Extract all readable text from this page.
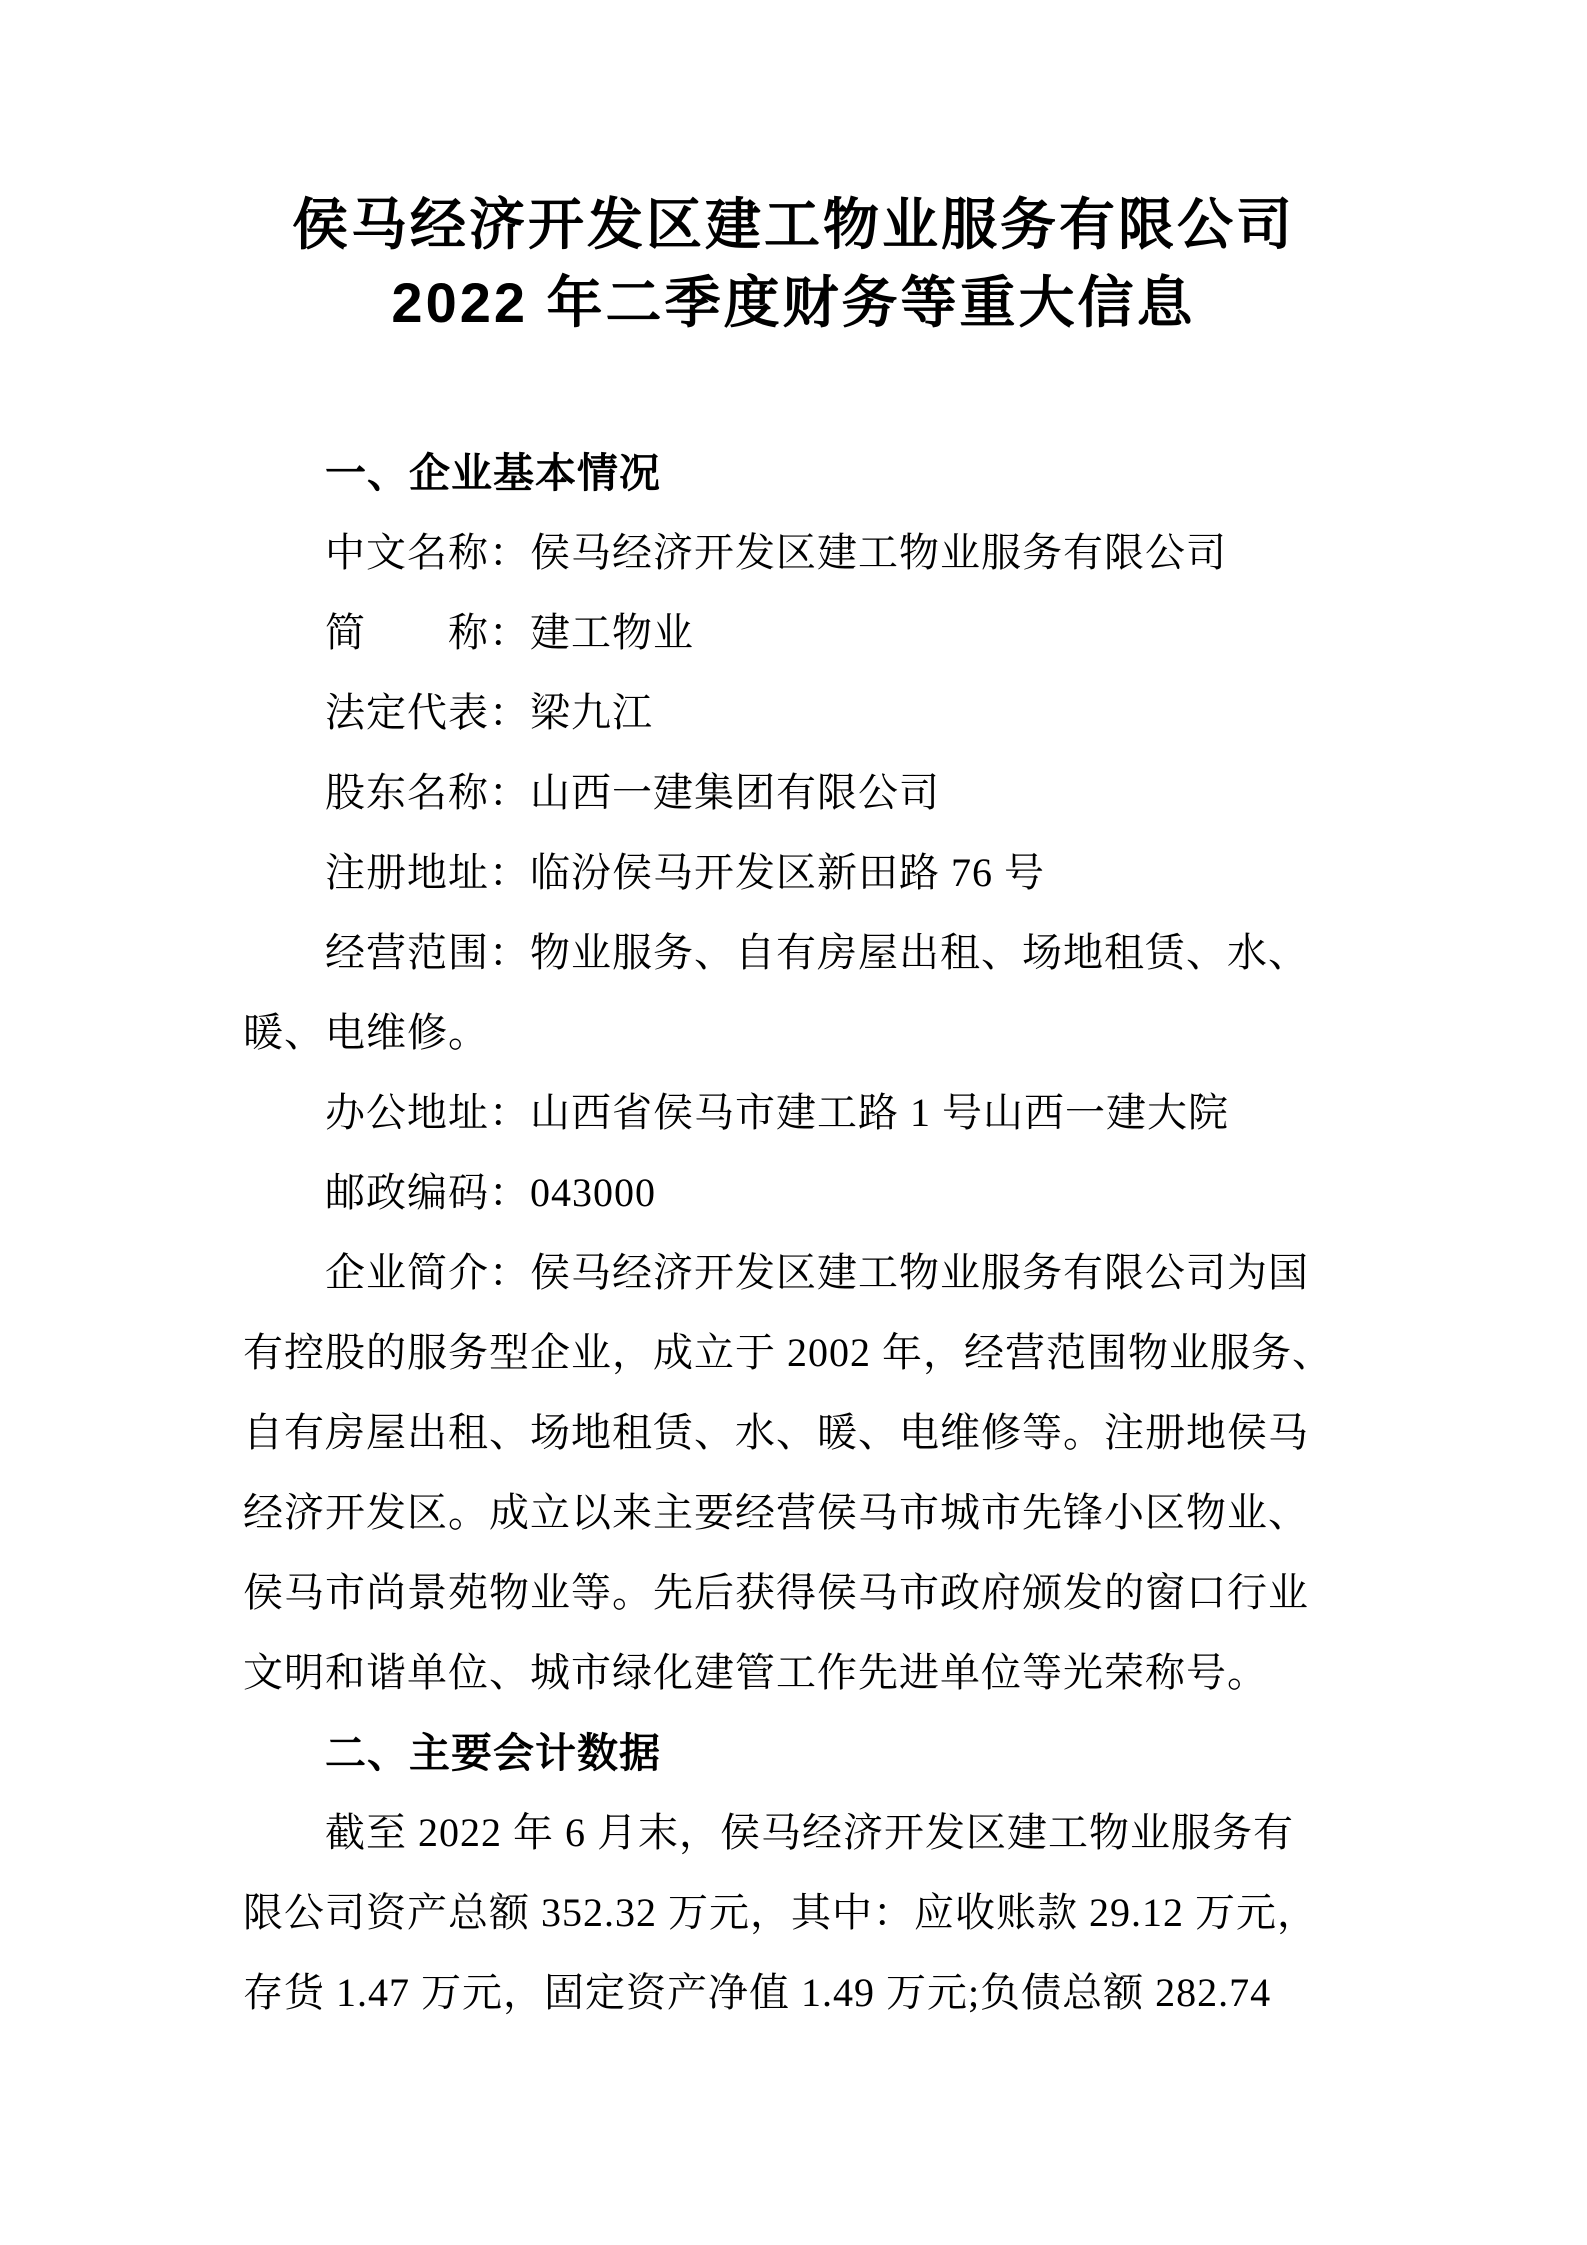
侯马经济开发区建工物业服务有限公司
2022 年二季度财务等重大信息
一、企业基本情况
中文名称：侯马经济开发区建工物业服务有限公司
简　　称：建工物业
法定代表：梁九江
股东名称：山西一建集团有限公司
注册地址：临汾侯马开发区新田路 76 号
经营范围：物业服务、自有房屋出租、场地租赁、水、
暖、电维修。
办公地址：山西省侯马市建工路 1 号山西一建大院
邮政编码：043000
企业简介：侯马经济开发区建工物业服务有限公司为国
有控股的服务型企业，成立于 2002 年，经营范围物业服务、
自有房屋出租、场地租赁、水、暖、电维修等。注册地侯马
经济开发区。成立以来主要经营侯马市城市先锋小区物业、
侯马市尚景苑物业等。先后获得侯马市政府颁发的窗口行业
文明和谐单位、城市绿化建管工作先进单位等光荣称号。
二、主要会计数据
截至 2022 年 6 月末，侯马经济开发区建工物业服务有
限公司资产总额 352.32 万元，其中：应收账款 29.12 万元，
存货 1.47 万元，固定资产净值 1.49 万元;负债总额 282.74
